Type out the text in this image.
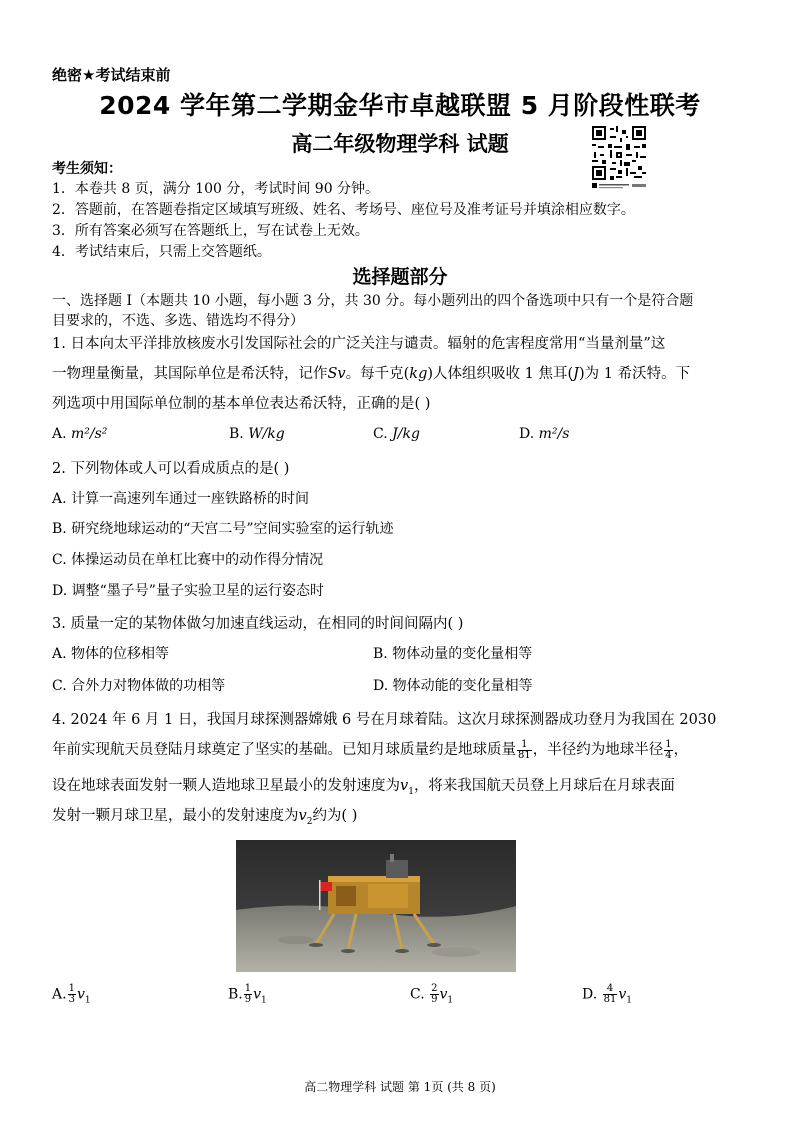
绝密★考试结束前
2024 学年第二学期金华市卓越联盟 5 月阶段性联考
高二年级物理学科 试题
考生须知：
1．本卷共 8 页，满分 100 分，考试时间 90 分钟。
2．答题前，在答题卷指定区域填写班级、姓名、考场号、座位号及准考证号并填涂相应数字。
3．所有答案必须写在答题纸上，写在试卷上无效。
4．考试结束后，只需上交答题纸。
选择题部分
一、选择题 I（本题共 10 小题，每小题 3 分，共 30 分。每小题列出的四个备选项中只有一个是符合题
目要求的，不选、多选、错选均不得分）
1. 日本向太平洋排放核废水引发国际社会的广泛关注与谴责。辐射的危害程度常用“当量剂量”这
一物理量衡量，其国际单位是希沃特，记作Sv。每千克(kg)人体组织吸收 1 焦耳(J)为 1 希沃特。下
列选项中用国际单位制的基本单位表达希沃特，正确的是( )
A. m²/s²	B. W/kg	C. J/kg	D. m²/s
2. 下列物体或人可以看成质点的是( )
A. 计算一高速列车通过一座铁路桥的时间
B. 研究绕地球运动的“天宫二号”空间实验室的运行轨迹
C. 体操运动员在单杠比赛中的动作得分情况
D. 调整“墨子号”量子实验卫星的运行姿态时
3. 质量一定的某物体做匀加速直线运动，在相同的时间间隔内( )
A. 物体的位移相等	B. 物体动量的变化量相等
C. 合外力对物体做的功相等	D. 物体动能的变化量相等
4. 2024 年 6 月 1 日，我国月球探测器嫦娥 6 号在月球着陆。这次月球探测器成功登月为我国在 2030
年前实现航天员登陆月球奠定了坚实的基础。已知月球质量约是地球质量 $\frac{1}{81}$ ，半径约为地球半径 $\frac{1}{4}$ ，
设在地球表面发射一颗人造地球卫星最小的发射速度为$v_1$，将来我国航天员登上月球后在月球表面
发射一颗月球卫星，最小的发射速度为$v_2$约为( )
A. $\frac{1}{3} v_1$	B. $\frac{1}{9} v_1$	C. $\frac{2}{9} v_1$	D. $\frac{4}{81} v_1$
高二物理学科 试题 第 1页 (共 8 页)
